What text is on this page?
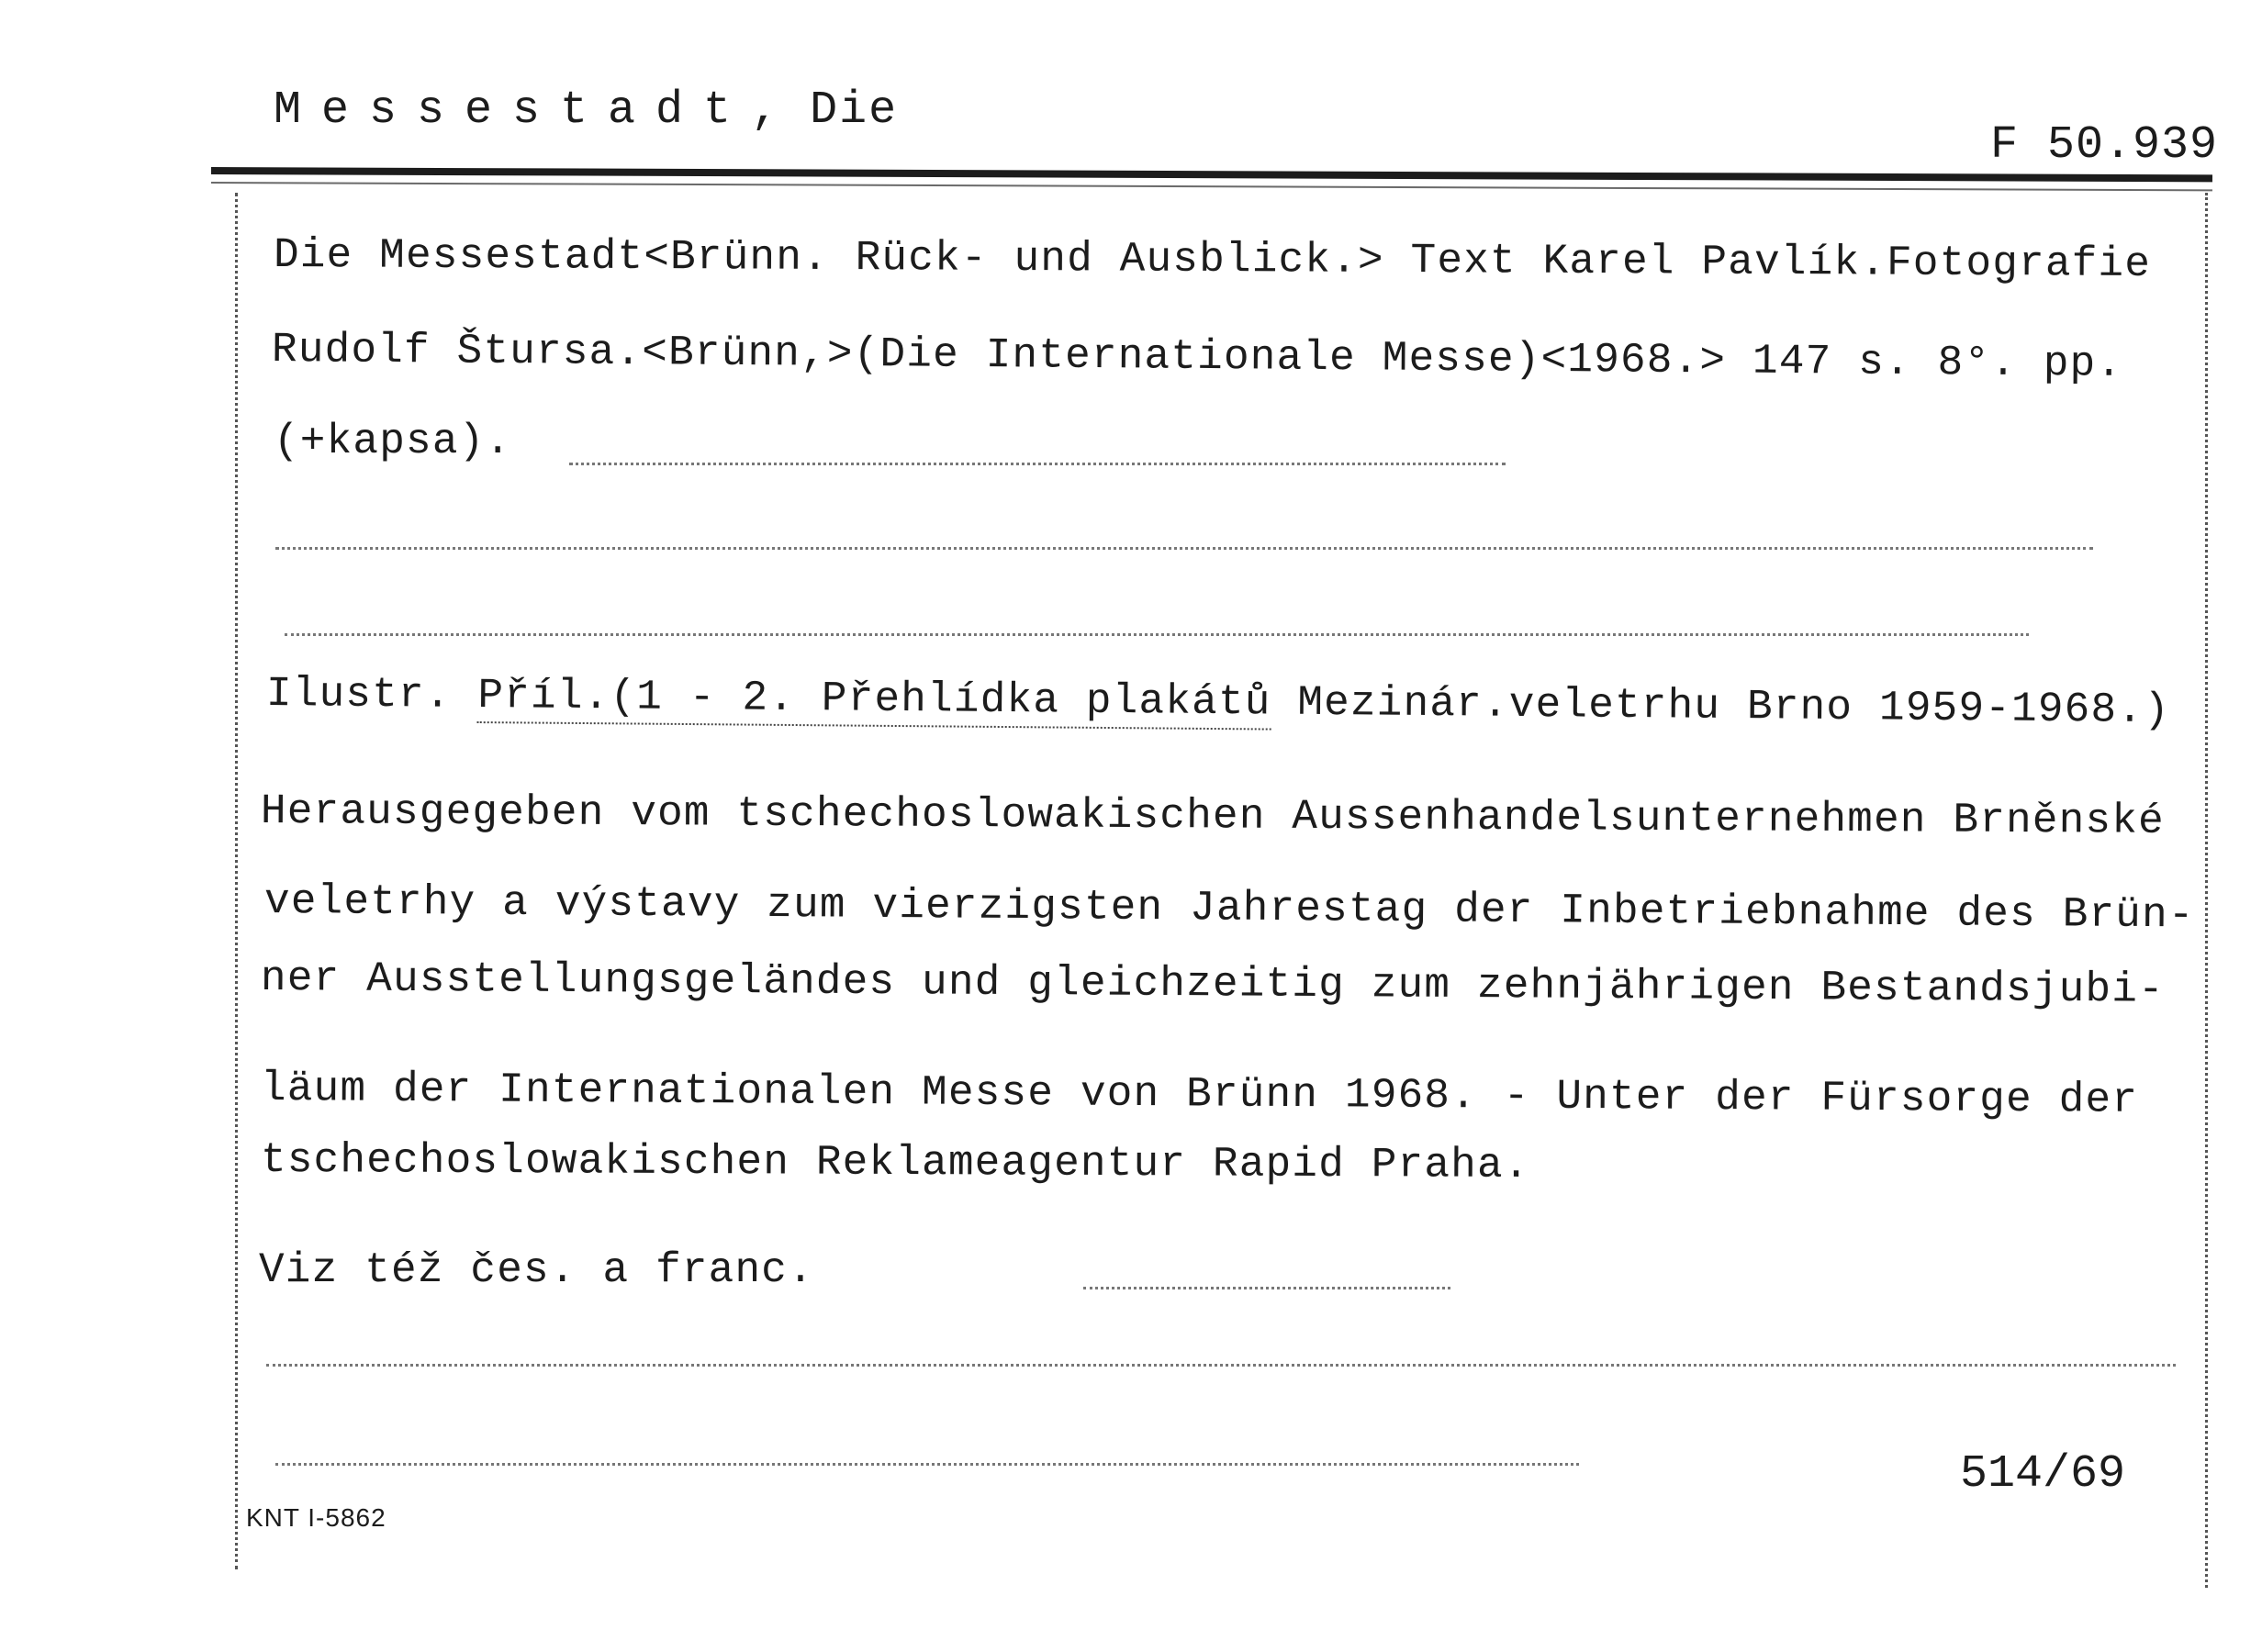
Messestadt, Die
F 50.939
Die Messestadt<Brünn. Rück- und Ausblick.> Text Karel Pavlík.Fotografie
Rudolf Štursa.<Brünn,>(Die Internationale Messe)<1968.> 147 s. 8°. pp.
(+kapsa).
Ilustr. Příl.(1 - 2. Přehlídka plakátů Mezinár.veletrhu Brno 1959-1968.)
Herausgegeben vom tschechoslowakischen Aussenhandelsunternehmen Brněnské
veletrhy a výstavy zum vierzigsten Jahrestag der Inbetriebnahme des Brün-
ner Ausstellungsgeländes und gleichzeitig zum zehnjährigen Bestandsjubi-
läum der Internationalen Messe von Brünn 1968. - Unter der Fürsorge der
tschechoslowakischen Reklameagentur Rapid Praha.
Viz též čes. a franc.
514/69
KNT I-5862
